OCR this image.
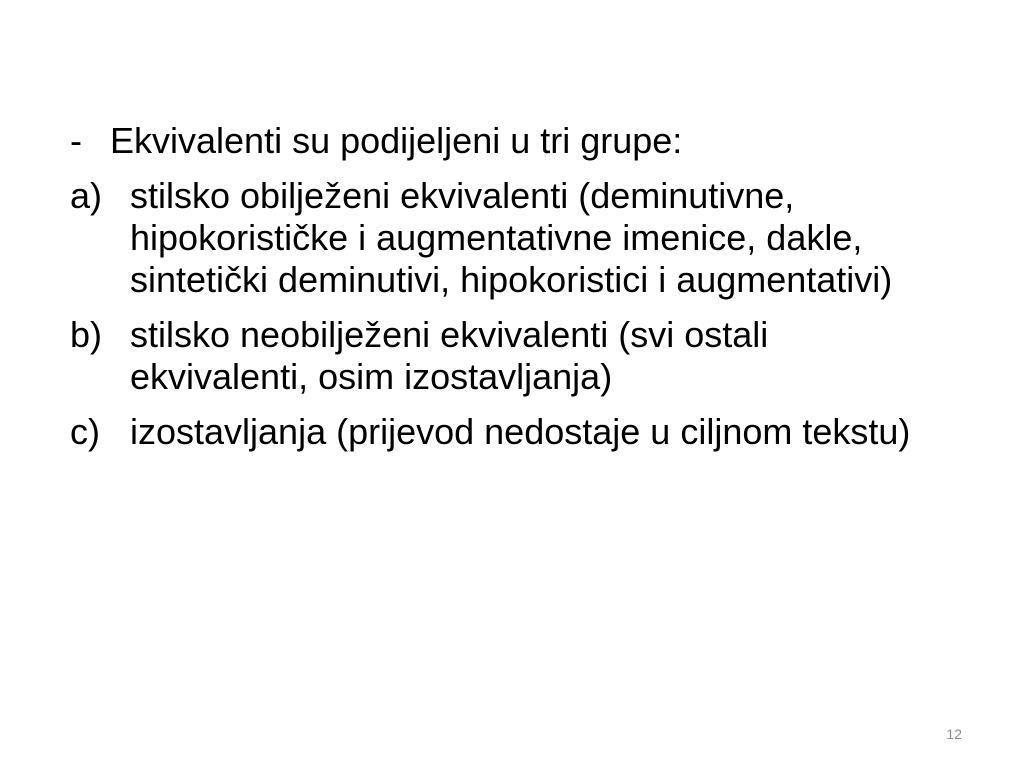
- Ekvivalenti su podijeljeni u tri grupe:
a) stilsko obilježeni ekvivalenti (deminutivne, hipokorističke i augmentativne imenice, dakle, sintetički deminutivi, hipokoristici i augmentativi)
b) stilsko neobilježeni ekvivalenti (svi ostali ekvivalenti, osim izostavljanja)
c) izostavljanja (prijevod nedostaje u ciljnom tekstu)
12
